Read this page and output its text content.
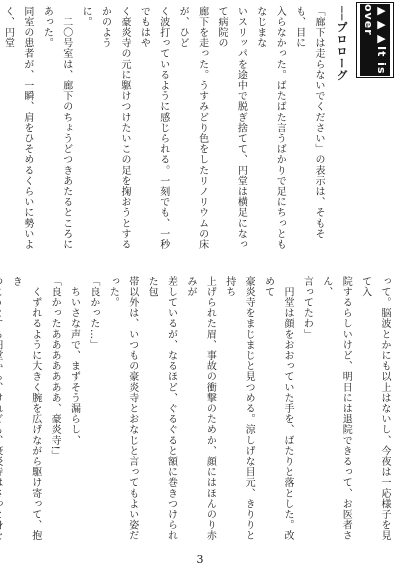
▶▶▶It is over
──プロローグ

「廊下は走らないでください」の表示は、そもそも、目に

入らなかった。ばたばた言うばかりで足にちっともなじまな

いスリッパを途中で脱ぎ捨てて、円堂は横足になって病院の

廊下を走った。うすみどり色をしたリノリウムの床が、ひど

く波打っているように感じられる。一刻でも、一秒でもはや

く豪炎寺の元に駆けつけたいこの足を掬おうとするかのよう

に。

　二〇号室は、廊下のちょうどつきあたるところにあった。

同室の患者が、一瞬、肩をひそめるくらいに勢いよく、円堂

って。脳波とかにも以上はないし、今夜は一応様子を見て入

院するらしいけど、明日には退院できるって、お医者さん、

言ってたわ」

　円堂は顔をおおっていた手を、ばたりと落とした。改めて

豪炎寺をまじまじと見つめる。涼しげな目元、きりりと持ち

上げられた眉、事故の衝撃のためか、顔にはほんのり赤みが

差しているが、なるほど、ぐるぐると額に巻きつけられた包

帯以外は、いつもの豪炎寺とおなじと言ってもよい姿だった。

「良かった…」

　ちいさな声で、まずそう漏らし、

「良かったあああああああ、豪炎寺!」

　くずれるように大きく腕を広げながら駆け寄って、抱き

3
